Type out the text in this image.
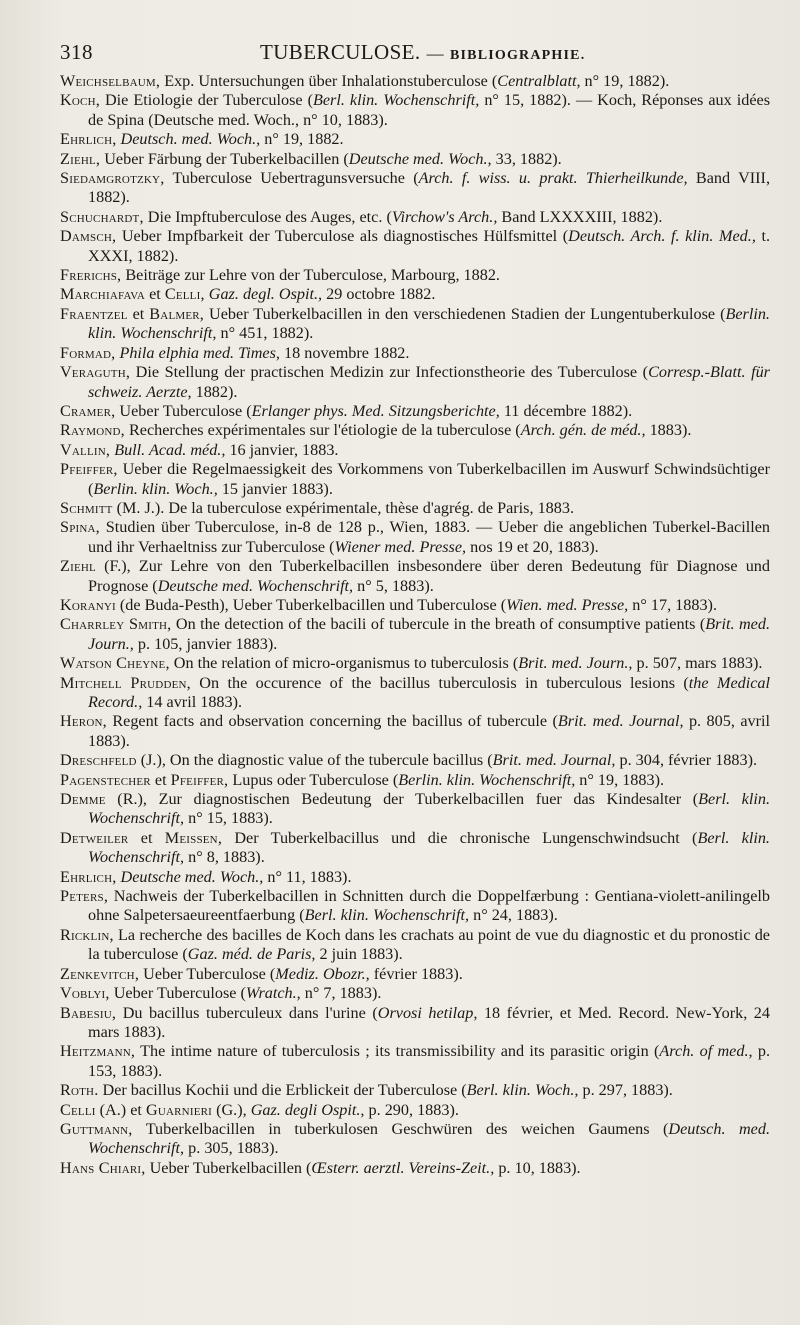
318	TUBERCULOSE. — BIBLIOGRAPHIE.

Weichselbaum, Exp. Untersuchungen über Inhalationstuberculose (Centralblatt, n° 19, 1882).

Koch, Die Etiologie der Tuberculose (Berl. klin. Wochenschrift, n° 15, 1882). — Koch, Réponses aux idées de Spina (Deutsche med. Woch., n° 10, 1883).

Ehrlich, Deutsch. med. Woch., n° 19, 1882.

Ziehl, Ueber Färbung der Tuberkelbacillen (Deutsche med. Woch., 33, 1882).

Siedamgrotzky, Tuberculose Uebertragunsversuche (Arch. f. wiss. u. prakt. Thierheilkunde, Band VIII, 1882).

Schuchardt, Die Impftuberculose des Auges, etc. (Virchow's Arch., Band LXXXXIII, 1882).

Damsch, Ueber Impfbarkeit der Tuberculose als diagnostisches Hülfsmittel (Deutsch. Arch. f. klin. Med., t. XXXI, 1882).

Frerichs, Beiträge zur Lehre von der Tuberculose, Marbourg, 1882.

Marchiafava et Celli, Gaz. degl. Ospit., 29 octobre 1882.

Fraentzel et Balmer, Ueber Tuberkelbacillen in den verschiedenen Stadien der Lungentuberkulose (Berlin. klin. Wochenschrift, n° 451, 1882).

Formad, Phila elphia med. Times, 18 novembre 1882.

Veraguth, Die Stellung der practischen Medizin zur Infectionstheorie des Tuberculose (Corresp.-Blatt. für schweiz. Aerzte, 1882).

Cramer, Ueber Tuberculose (Erlanger phys. Med. Sitzungsberichte, 11 décembre 1882).

Raymond, Recherches expérimentales sur l'étiologie de la tuberculose (Arch. gén. de méd., 1883).

Vallin, Bull. Acad. méd., 16 janvier, 1883.

Pfeiffer, Ueber die Regelmaessigkeit des Vorkommens von Tuberkelbacillen im Auswurf Schwindsüchtiger (Berlin. klin. Woch., 15 janvier 1883).

Schmitt (M. J.). De la tuberculose expérimentale, thèse d'agrég. de Paris, 1883.

Spina, Studien über Tuberculose, in-8 de 128 p., Wien, 1883. — Ueber die angeblichen Tuberkel-Bacillen und ihr Verhaeltniss zur Tuberculose (Wiener med. Presse, nos 19 et 20, 1883).

Ziehl (F.), Zur Lehre von den Tuberkelbacillen insbesondere über deren Bedeutung für Diagnose und Prognose (Deutsche med. Wochenschrift, n° 5, 1883).

Koranyi (de Buda-Pesth), Ueber Tuberkelbacillen und Tuberculose (Wien. med. Presse, n° 17, 1883).

Charrley Smith, On the detection of the bacili of tubercule in the breath of consumptive patients (Brit. med. Journ., p. 105, janvier 1883).

Watson Cheyne, On the relation of micro-organismus to tuberculosis (Brit. med. Journ., p. 507, mars 1883).

Mitchell Prudden, On the occurence of the bacillus tuberculosis in tuberculous lesions (the Medical Record., 14 avril 1883).

Heron, Regent facts and observation concerning the bacillus of tubercule (Brit. med. Journal, p. 805, avril 1883).

Dreschfeld (J.), On the diagnostic value of the tubercule bacillus (Brit. med. Journal, p. 304, février 1883).

Pagenstecher et Pfeiffer, Lupus oder Tuberculose (Berlin. klin. Wochenschrift, n° 19, 1883).

Demme (R.), Zur diagnostischen Bedeutung der Tuberkelbacillen fuer das Kindesalter (Berl. klin. Wochenschrift, n° 15, 1883).

Detweiler et Meissen, Der Tuberkelbacillus und die chronische Lungenschwindsucht (Berl. klin. Wochenschrift, n° 8, 1883).

Ehrlich, Deutsche med. Woch., n° 11, 1883).

Peters, Nachweis der Tuberkelbacillen in Schnitten durch die Doppelfærbung : Gentiana-violett-anilingelb ohne Salpetersaeureentfaerbung (Berl. klin. Wochenschrift, n° 24, 1883).

Ricklin, La recherche des bacilles de Koch dans les crachats au point de vue du diagnostic et du pronostic de la tuberculose (Gaz. méd. de Paris, 2 juin 1883).

Zenkevitch, Ueber Tuberculose (Mediz. Obozr., février 1883).

Voblyi, Ueber Tuberculose (Wratch., n° 7, 1883).

Babesiu, Du bacillus tuberculeux dans l'urine (Orvosi hetilap, 18 février, et Med. Record. New-York, 24 mars 1883).

Heitzmann, The intime nature of tuberculosis ; its transmissibility and its parasitic origin (Arch. of med., p. 153, 1883).

Roth. Der bacillus Kochii und die Erblickeit der Tuberculose (Berl. klin. Woch., p. 297, 1883).

Celli (A.) et Guarnieri (G.), Gaz. degli Ospit., p. 290, 1883).

Guttmann, Tuberkelbacillen in tuberkulosen Geschwüren des weichen Gaumens (Deutsch. med. Wochenschrift, p. 305, 1883).

Hans Chiari, Ueber Tuberkelbacillen (Œsterr. aerztl. Vereins-Zeit., p. 10, 1883).
